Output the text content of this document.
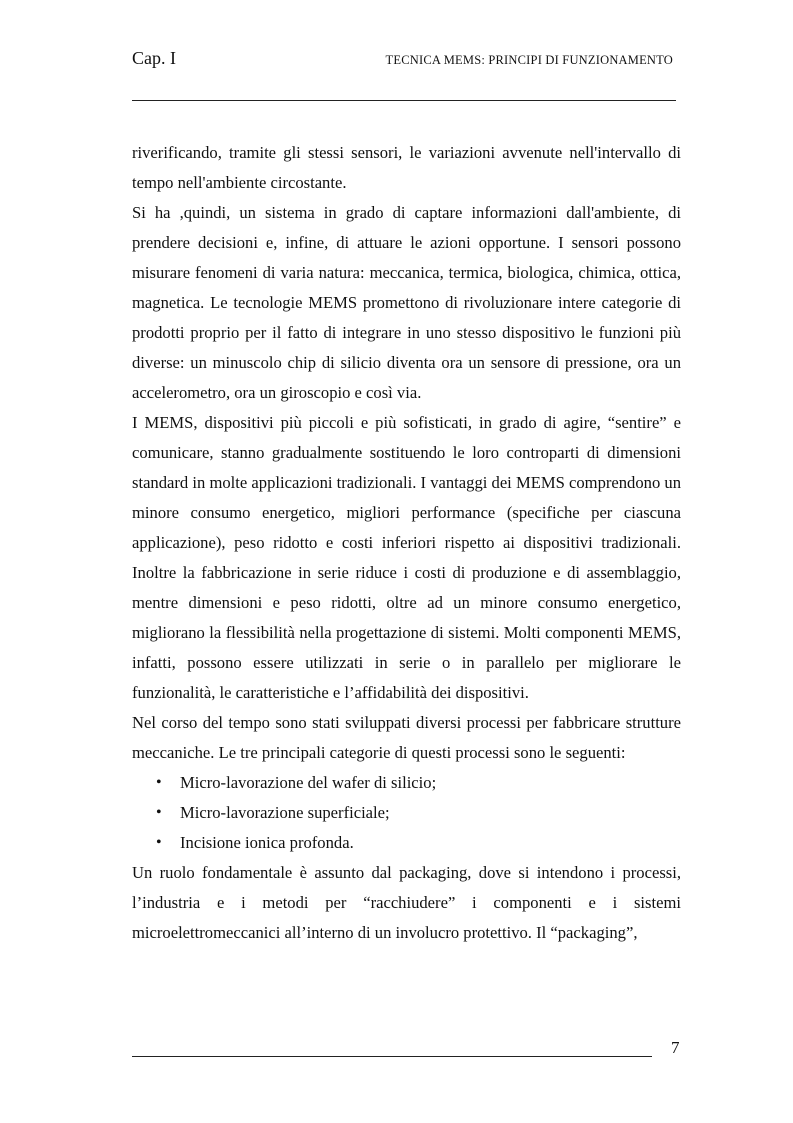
Cap. I	TECNICA MEMS: PRINCIPI DI FUNZIONAMENTO

riverificando, tramite gli stessi sensori, le variazioni avvenute nell'intervallo di tempo nell'ambiente circostante.

Si ha ,quindi, un sistema in grado di captare informazioni dall'ambiente, di prendere decisioni e, infine, di attuare le azioni opportune. I sensori possono misurare fenomeni di varia natura: meccanica, termica, biologica, chimica, ottica, magnetica. Le tecnologie MEMS promettono di rivoluzionare intere categorie di prodotti proprio per il fatto di integrare in uno stesso dispositivo le funzioni più diverse: un minuscolo chip di silicio diventa ora un sensore di pressione, ora un accelerometro, ora un giroscopio e così via.

I MEMS, dispositivi più piccoli e più sofisticati, in grado di agire, “sentire” e comunicare, stanno gradualmente sostituendo le loro controparti di dimensioni standard in molte applicazioni tradizionali. I vantaggi dei MEMS comprendono un minore consumo energetico, migliori performance (specifiche per ciascuna applicazione), peso ridotto e costi inferiori rispetto ai dispositivi tradizionali. Inoltre la fabbricazione in serie riduce i costi di produzione e di assemblaggio, mentre dimensioni e peso ridotti, oltre ad un minore consumo energetico, migliorano la flessibilità nella progettazione di sistemi. Molti componenti MEMS, infatti, possono essere utilizzati in serie o in parallelo per migliorare le funzionalità, le caratteristiche e l’affidabilità dei dispositivi.

Nel corso del tempo sono stati sviluppati diversi processi per fabbricare strutture meccaniche. Le tre principali categorie di questi processi sono le seguenti:

• Micro-lavorazione del wafer di silicio;
• Micro-lavorazione superficiale;
• Incisione ionica profonda.

Un ruolo fondamentale è assunto dal packaging, dove si intendono i processi, l’industria e i metodi per “racchiudere” i componenti e i sistemi microelettromeccanici all’interno di un involucro protettivo. Il “packaging”,

7
